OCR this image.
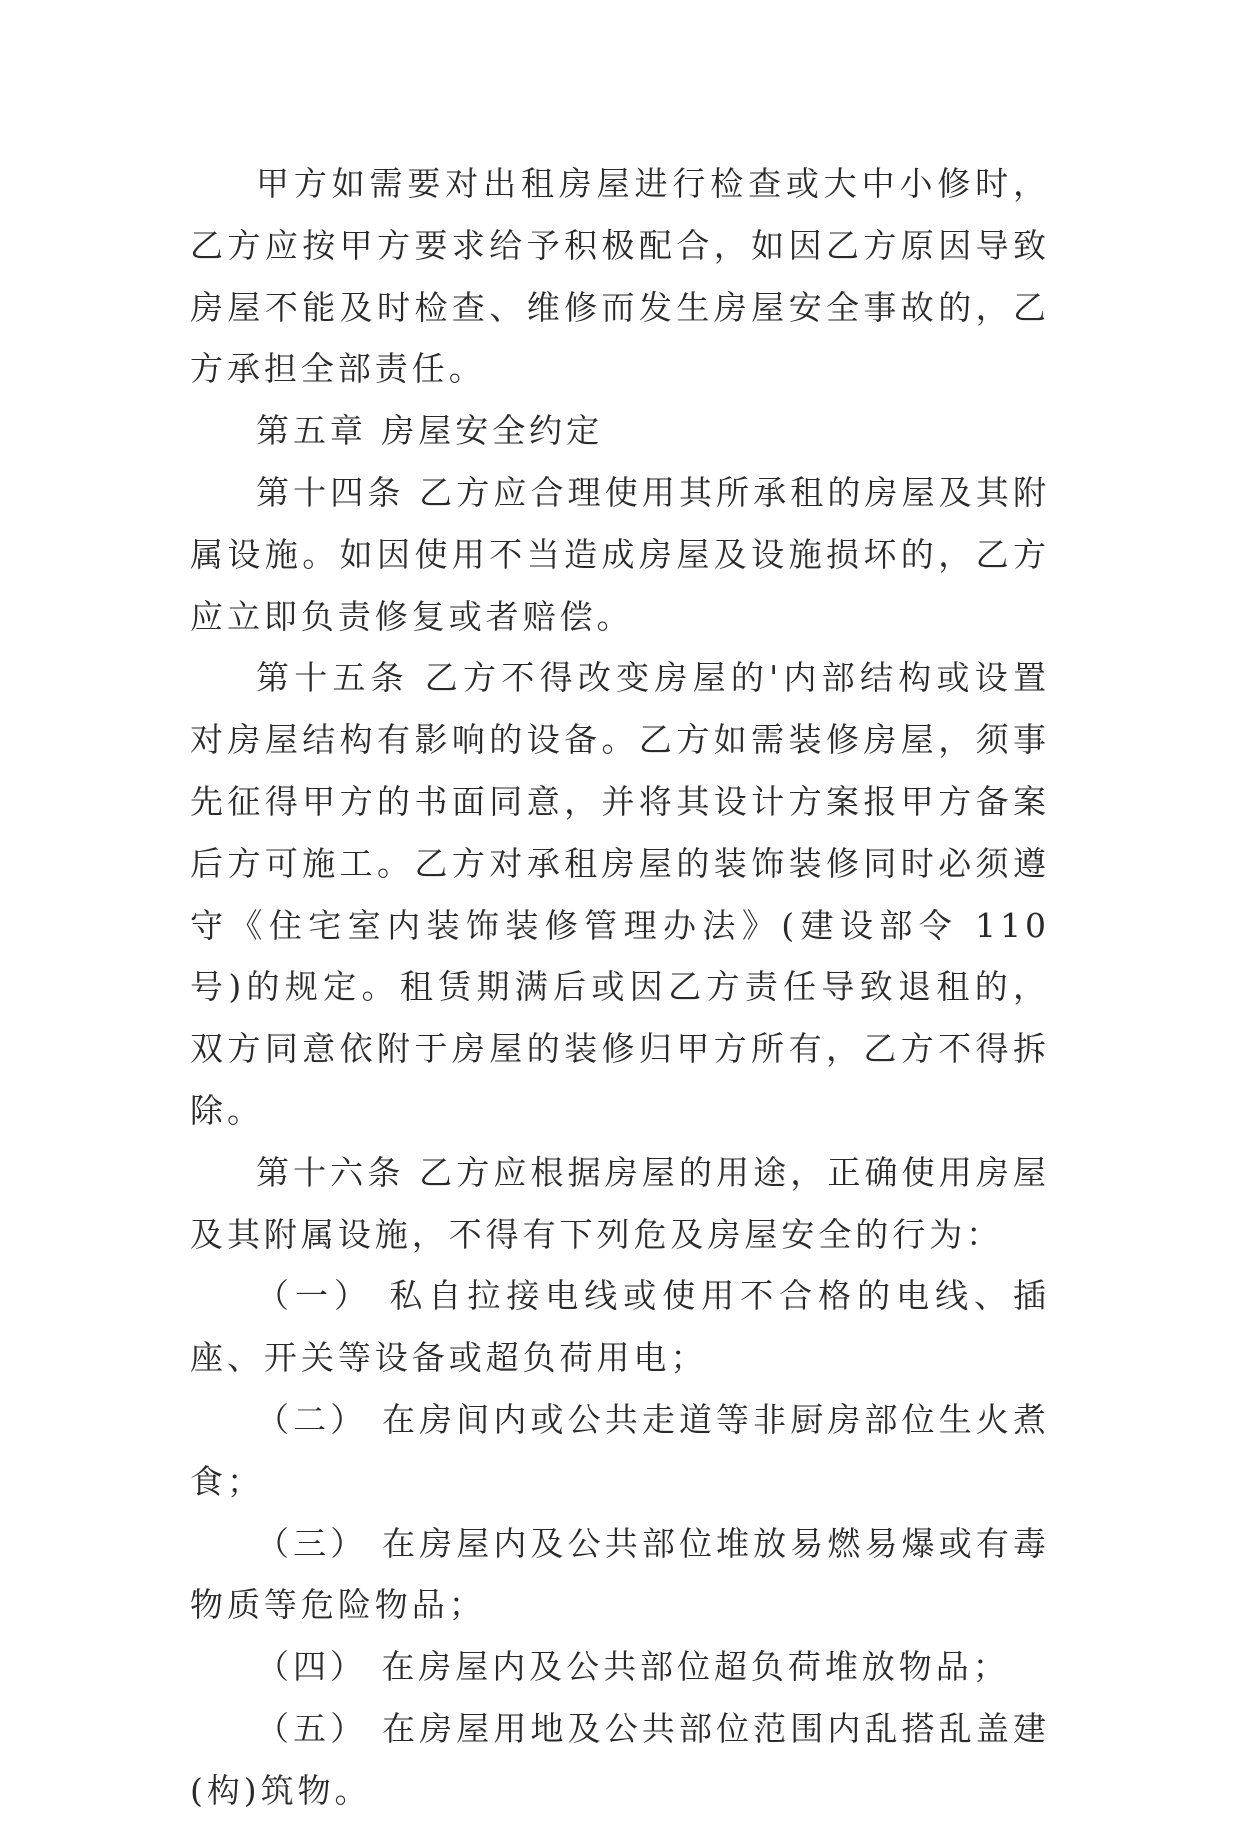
甲方如需要对出租房屋进行检查或大中小修时，乙方应按甲方要求给予积极配合，如因乙方原因导致房屋不能及时检查、维修而发生房屋安全事故的，乙方承担全部责任。

第五章 房屋安全约定

第十四条 乙方应合理使用其所承租的房屋及其附属设施。如因使用不当造成房屋及设施损坏的，乙方应立即负责修复或者赔偿。

第十五条 乙方不得改变房屋的'内部结构或设置对房屋结构有影响的设备。乙方如需装修房屋，须事先征得甲方的书面同意，并将其设计方案报甲方备案后方可施工。乙方对承租房屋的装饰装修同时必须遵守《住宅室内装饰装修管理办法》(建设部令 110 号)的规定。租赁期满后或因乙方责任导致退租的，双方同意依附于房屋的装修归甲方所有，乙方不得拆除。

第十六条 乙方应根据房屋的用途，正确使用房屋及其附属设施，不得有下列危及房屋安全的行为：

（一） 私自拉接电线或使用不合格的电线、插座、开关等设备或超负荷用电；

（二） 在房间内或公共走道等非厨房部位生火煮食；

（三） 在房屋内及公共部位堆放易燃易爆或有毒物质等危险物品；

（四） 在房屋内及公共部位超负荷堆放物品；

（五） 在房屋用地及公共部位范围内乱搭乱盖建(构)筑物。
